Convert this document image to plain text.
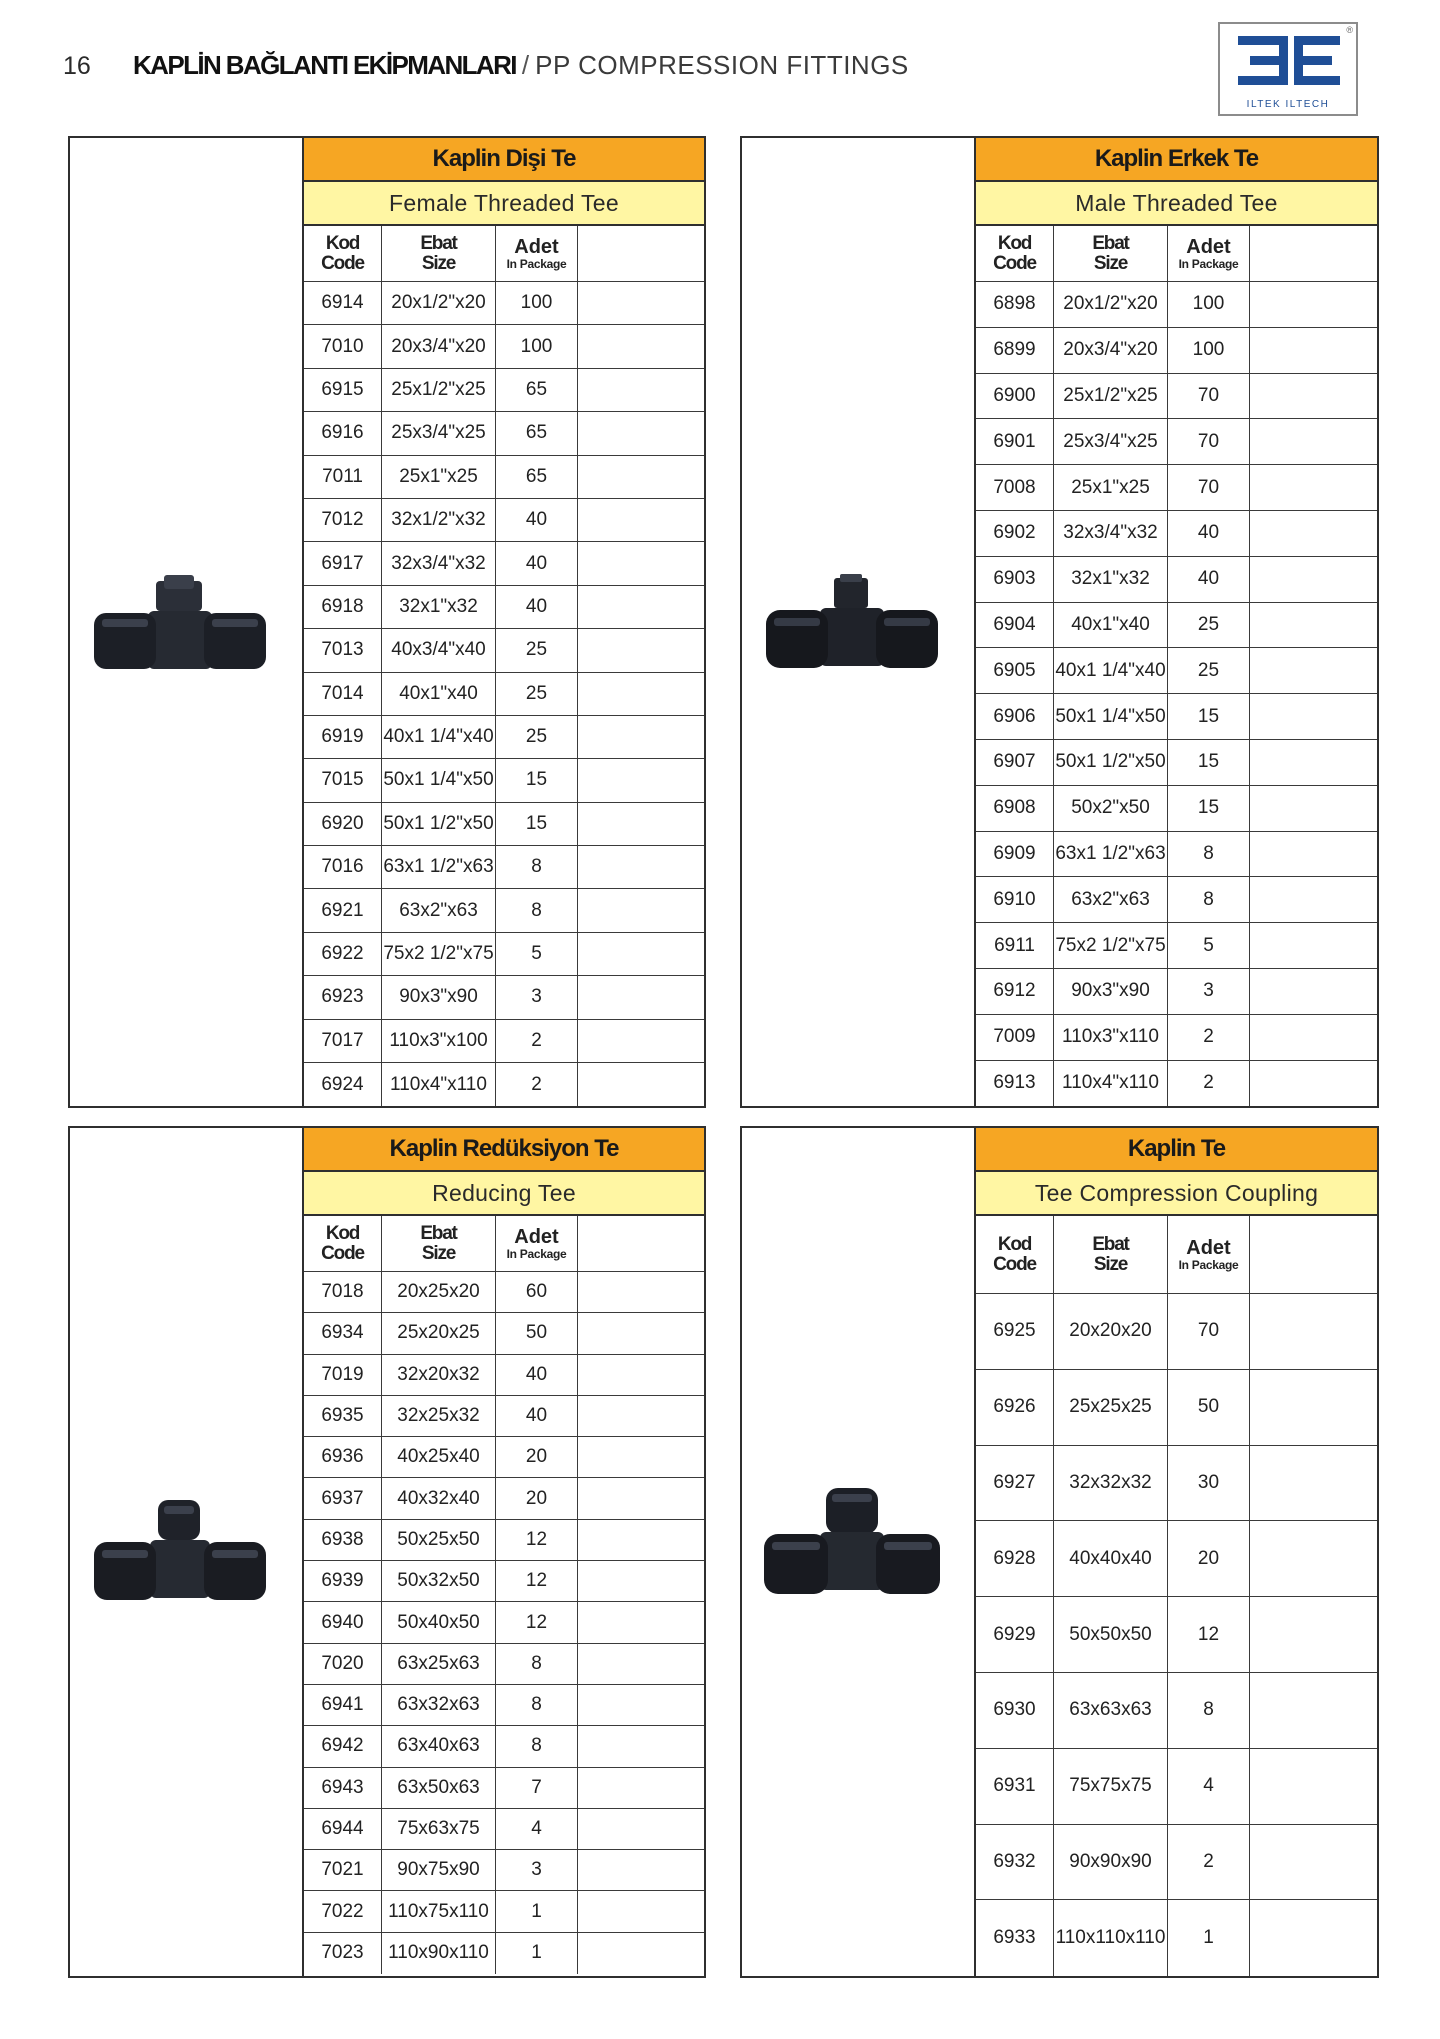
16 KAPLİN BAĞLANTI EKİPMANLARI / PP COMPRESSION FITTINGS
®
ILTEK ILTECH
Kaplin Dişi Te
Female Threaded Tee
Kod
Code
Ebat
Size
Adet
In Package
6914	20x1/2"x20	100
7010	20x3/4"x20	100
6915	25x1/2"x25	65
6916	25x3/4"x25	65
7011	25x1"x25	65
7012	32x1/2"x32	40
6917	32x3/4"x32	40
6918	32x1"x32	40
7013	40x3/4"x40	25
7014	40x1"x40	25
6919	40x1 1/4"x40	25
7015	50x1 1/4"x50	15
6920	50x1 1/2"x50	15
7016	63x1 1/2"x63	8
6921	63x2"x63	8
6922	75x2 1/2"x75	5
6923	90x3"x90	3
7017	110x3"x100	2
6924	110x4"x110	2
Kaplin Erkek Te
Male Threaded Tee
Kod
Code
Ebat
Size
Adet
In Package
6898	20x1/2"x20	100
6899	20x3/4"x20	100
6900	25x1/2"x25	70
6901	25x3/4"x25	70
7008	25x1"x25	70
6902	32x3/4"x32	40
6903	32x1"x32	40
6904	40x1"x40	25
6905	40x1 1/4"x40	25
6906	50x1 1/4"x50	15
6907	50x1 1/2"x50	15
6908	50x2"x50	15
6909	63x1 1/2"x63	8
6910	63x2"x63	8
6911	75x2 1/2"x75	5
6912	90x3"x90	3
7009	110x3"x110	2
6913	110x4"x110	2
Kaplin Redüksiyon Te
Reducing Tee
Kod
Code
Ebat
Size
Adet
In Package
7018	20x25x20	60
6934	25x20x25	50
7019	32x20x32	40
6935	32x25x32	40
6936	40x25x40	20
6937	40x32x40	20
6938	50x25x50	12
6939	50x32x50	12
6940	50x40x50	12
7020	63x25x63	8
6941	63x32x63	8
6942	63x40x63	8
6943	63x50x63	7
6944	75x63x75	4
7021	90x75x90	3
7022	110x75x110	1
7023	110x90x110	1
Kaplin Te
Tee Compression Coupling
Kod
Code
Ebat
Size
Adet
In Package
6925	20x20x20	70
6926	25x25x25	50
6927	32x32x32	30
6928	40x40x40	20
6929	50x50x50	12
6930	63x63x63	8
6931	75x75x75	4
6932	90x90x90	2
6933	110x110x110	1
